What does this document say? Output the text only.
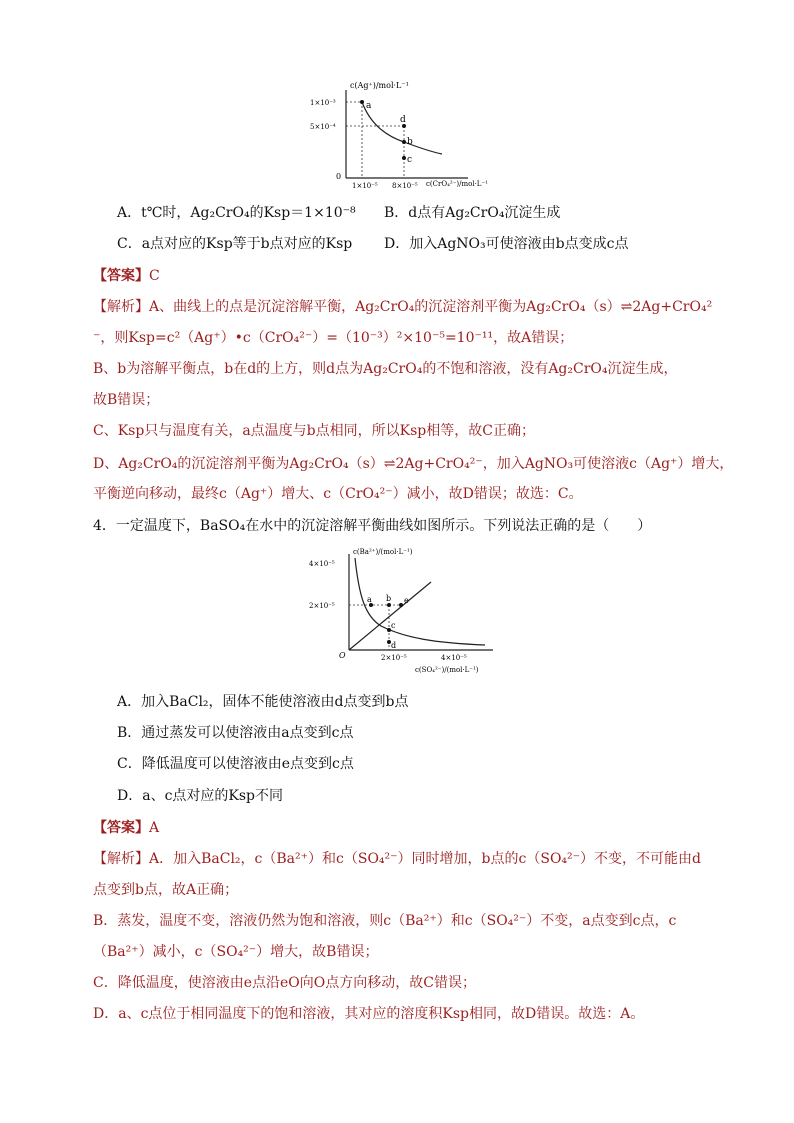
a
d
b
c
c(Ag⁺)/mol·L⁻¹
1×10⁻³
5×10⁻⁴
0
1×10⁻⁵ 8×10⁻⁵ c(CrO₄²⁻)/mol·L⁻¹
A．t℃时，Ag₂CrO₄的Ksp＝1×10⁻⁸ B．d点有Ag₂CrO₄沉淀生成
C．a点对应的Ksp等于b点对应的Ksp D．加入AgNO₃可使溶液由b点变成c点
【答案】C
【解析】A、曲线上的点是沉淀溶解平衡，Ag₂CrO₄的沉淀溶剂平衡为Ag₂CrO₄（s）⇌2Ag+CrO₄²
⁻，则Ksp=c²（Ag⁺）•c（CrO₄²⁻）=（10⁻³）²×10⁻⁵=10⁻¹¹，故A错误；
B、b为溶解平衡点，b在d的上方，则d点为Ag₂CrO₄的不饱和溶液，没有Ag₂CrO₄沉淀生成，
故B错误；
C、Ksp只与温度有关，a点温度与b点相同，所以Ksp相等，故C正确；
D、Ag₂CrO₄的沉淀溶剂平衡为Ag₂CrO₄（s）⇌2Ag+CrO₄²⁻，加入AgNO₃可使溶液c（Ag⁺）增大，
平衡逆向移动，最终c（Ag⁺）增大、c（CrO₄²⁻）减小，故D错误；故选：C。
4．一定温度下，BaSO₄在水中的沉淀溶解平衡曲线如图所示。下列说法正确的是（　　）
a b e
c
d
c(Ba²⁺)/(mol·L⁻¹)
4×10⁻⁵
2×10⁻⁵
O	2×10⁻⁵	4×10⁻⁵
c(SO₄²⁻)/(mol·L⁻¹)
A．加入BaCl₂，固体不能使溶液由d点变到b点
B．通过蒸发可以使溶液由a点变到c点
C．降低温度可以使溶液由e点变到c点
D．a、c点对应的Ksp不同
【答案】A
【解析】A．加入BaCl₂，c（Ba²⁺）和c（SO₄²⁻）同时增加，b点的c（SO₄²⁻）不变，不可能由d
点变到b点，故A正确；
B．蒸发，温度不变，溶液仍然为饱和溶液，则c（Ba²⁺）和c（SO₄²⁻）不变，a点变到c点，c
（Ba²⁺）减小，c（SO₄²⁻）增大，故B错误；
C．降低温度，使溶液由e点沿eO向O点方向移动，故C错误；
D．a、c点位于相同温度下的饱和溶液，其对应的溶度积Ksp相同，故D错误。故选：A。
